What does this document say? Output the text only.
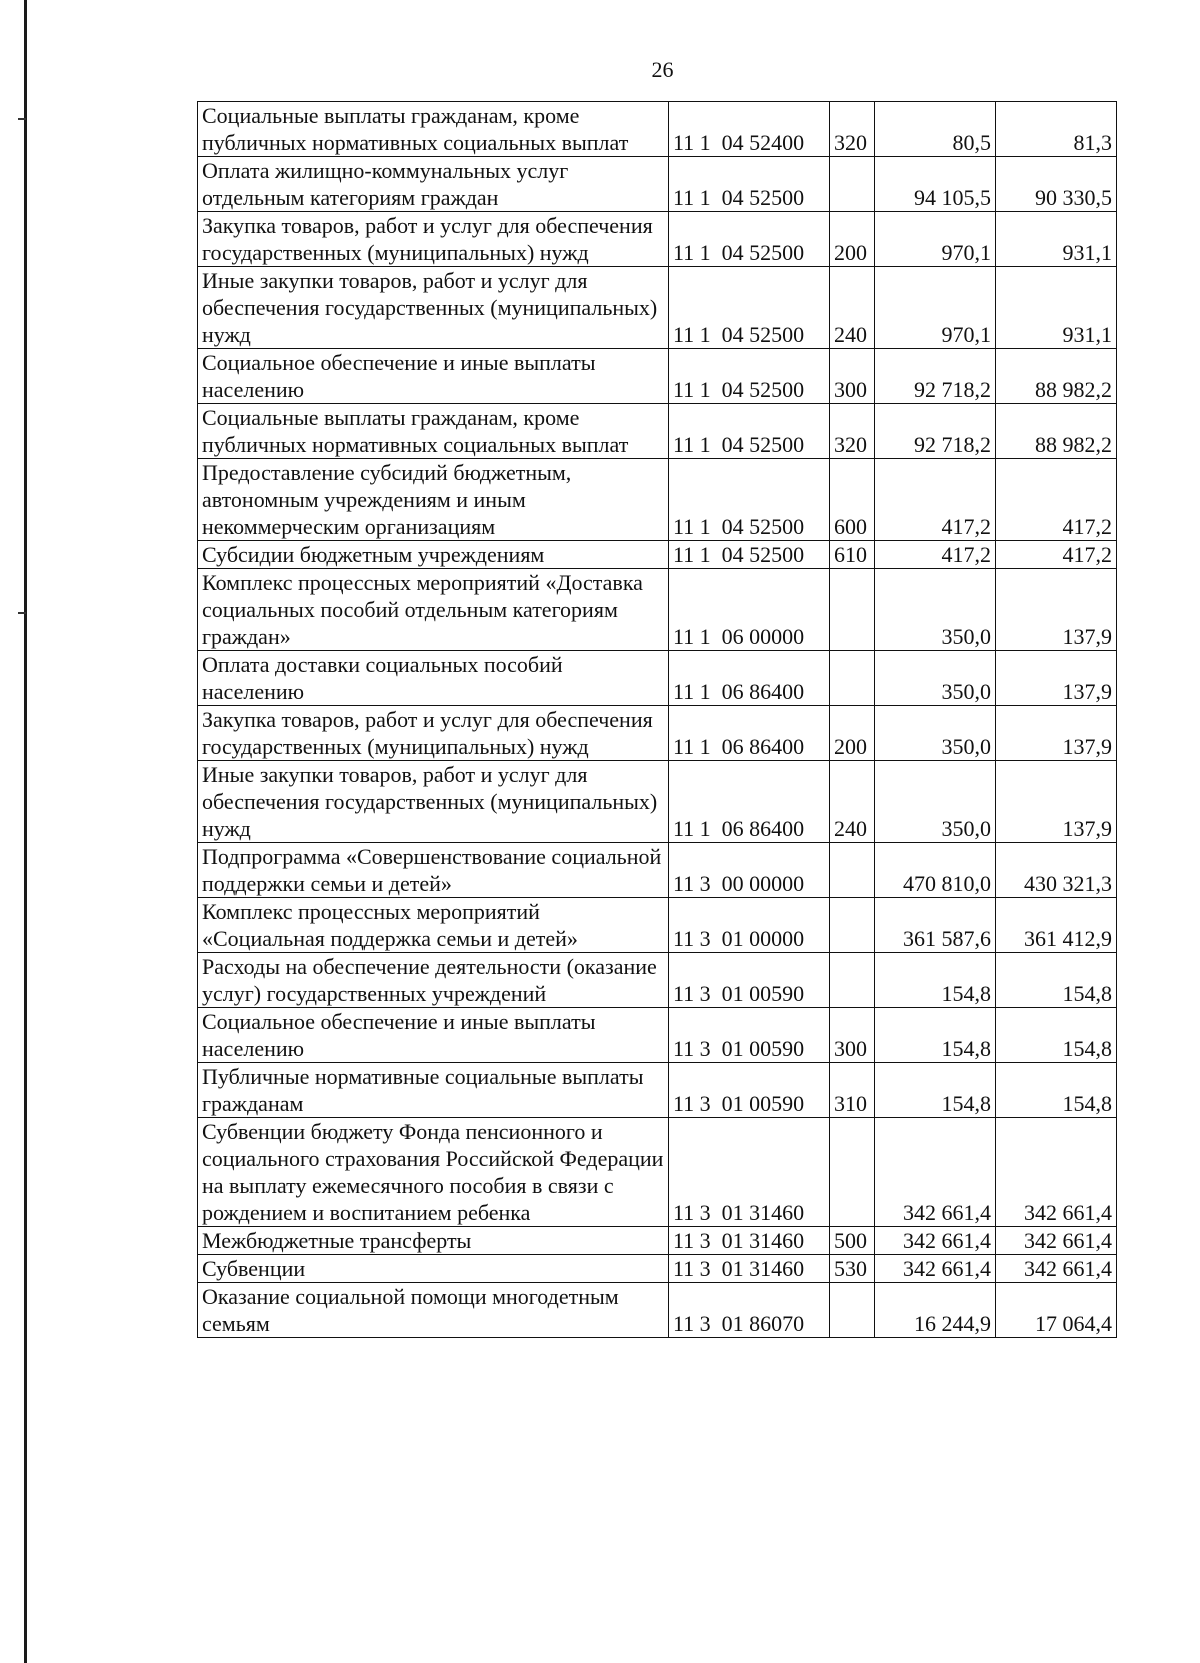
26
Социальные выплаты гражданам, кроме публичных нормативных социальных выплат	11 1  04 52400	320	80,5	81,3
Оплата жилищно-коммунальных услуг отдельным категориям граждан	11 1  04 52500		94 105,5	90 330,5
Закупка товаров, работ и услуг для обеспечения государственных (муниципальных) нужд	11 1  04 52500	200	970,1	931,1
Иные закупки товаров, работ и услуг для обеспечения государственных (муниципальных) нужд	11 1  04 52500	240	970,1	931,1
Социальное обеспечение и иные выплаты населению	11 1  04 52500	300	92 718,2	88 982,2
Социальные выплаты гражданам, кроме публичных нормативных социальных выплат	11 1  04 52500	320	92 718,2	88 982,2
Предоставление субсидий бюджетным, автономным учреждениям и иным некоммерческим организациям	11 1  04 52500	600	417,2	417,2
Субсидии бюджетным учреждениям	11 1  04 52500	610	417,2	417,2
Комплекс процессных мероприятий «Доставка социальных пособий отдельным категориям граждан»	11 1  06 00000		350,0	137,9
Оплата доставки социальных пособий населению	11 1  06 86400		350,0	137,9
Закупка товаров, работ и услуг для обеспечения государственных (муниципальных) нужд	11 1  06 86400	200	350,0	137,9
Иные закупки товаров, работ и услуг для обеспечения государственных (муниципальных) нужд	11 1  06 86400	240	350,0	137,9
Подпрограмма «Совершенствование социальной поддержки семьи и детей»	11 3  00 00000		470 810,0	430 321,3
Комплекс процессных мероприятий «Социальная поддержка семьи и детей»	11 3  01 00000		361 587,6	361 412,9
Расходы на обеспечение деятельности (оказание услуг) государственных учреждений	11 3  01 00590		154,8	154,8
Социальное обеспечение и иные выплаты населению	11 3  01 00590	300	154,8	154,8
Публичные нормативные социальные выплаты гражданам	11 3  01 00590	310	154,8	154,8
Субвенции бюджету Фонда пенсионного и социального страхования Российской Федерации на выплату ежемесячного пособия в связи с рождением и воспитанием ребенка	11 3  01 31460		342 661,4	342 661,4
Межбюджетные трансферты	11 3  01 31460	500	342 661,4	342 661,4
Субвенции	11 3  01 31460	530	342 661,4	342 661,4
Оказание социальной помощи многодетным семьям	11 3  01 86070		16 244,9	17 064,4
